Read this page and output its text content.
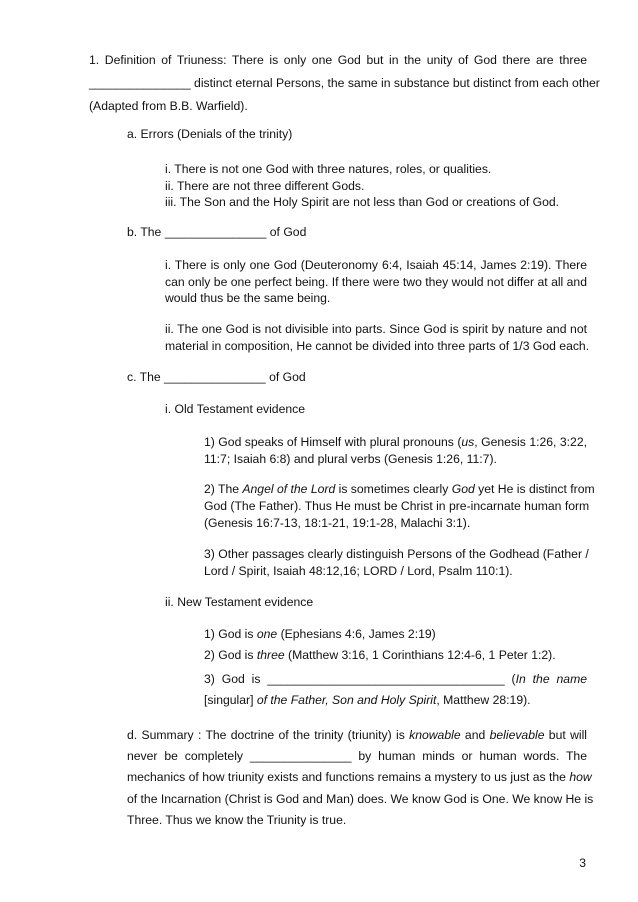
1. Definition of Triuness: There is only one God but in the unity of God there are three
_______________ distinct eternal Persons, the same in substance but distinct from each other
(Adapted from B.B. Warfield).
a. Errors (Denials of the trinity)
i. There is not one God with three natures, roles, or qualities.
ii. There are not three different Gods.
iii. The Son and the Holy Spirit are not less than God or creations of God.
b. The _______________ of God
i. There is only one God (Deuteronomy 6:4, Isaiah 45:14, James 2:19). There
can only be one perfect being. If there were two they would not differ at all and
would thus be the same being.
ii. The one God is not divisible into parts. Since God is spirit by nature and not
material in composition, He cannot be divided into three parts of 1/3 God each.
c. The _______________ of God
i. Old Testament evidence
1) God speaks of Himself with plural pronouns (us, Genesis 1:26, 3:22,
11:7; Isaiah 6:8) and plural verbs (Genesis 1:26, 11:7).
2) The Angel of the Lord is sometimes clearly God yet He is distinct from
God (The Father). Thus He must be Christ in pre-incarnate human form
(Genesis 16:7-13, 18:1-21, 19:1-28, Malachi 3:1).
3) Other passages clearly distinguish Persons of the Godhead (Father /
Lord / Spirit, Isaiah 48:12,16; LORD / Lord, Psalm 110:1).
ii. New Testament evidence
1) God is one (Ephesians 4:6, James 2:19)
2) God is three (Matthew 3:16, 1 Corinthians 12:4-6, 1 Peter 1:2).
3) God is ___________________________________ (In the name
[singular] of the Father, Son and Holy Spirit, Matthew 28:19).
d. Summary : The doctrine of the trinity (triunity) is knowable and believable but will
never be completely _______________ by human minds or human words. The
mechanics of how triunity exists and functions remains a mystery to us just as the how
of the Incarnation (Christ is God and Man) does. We know God is One. We know He is
Three. Thus we know the Triunity is true.
3
